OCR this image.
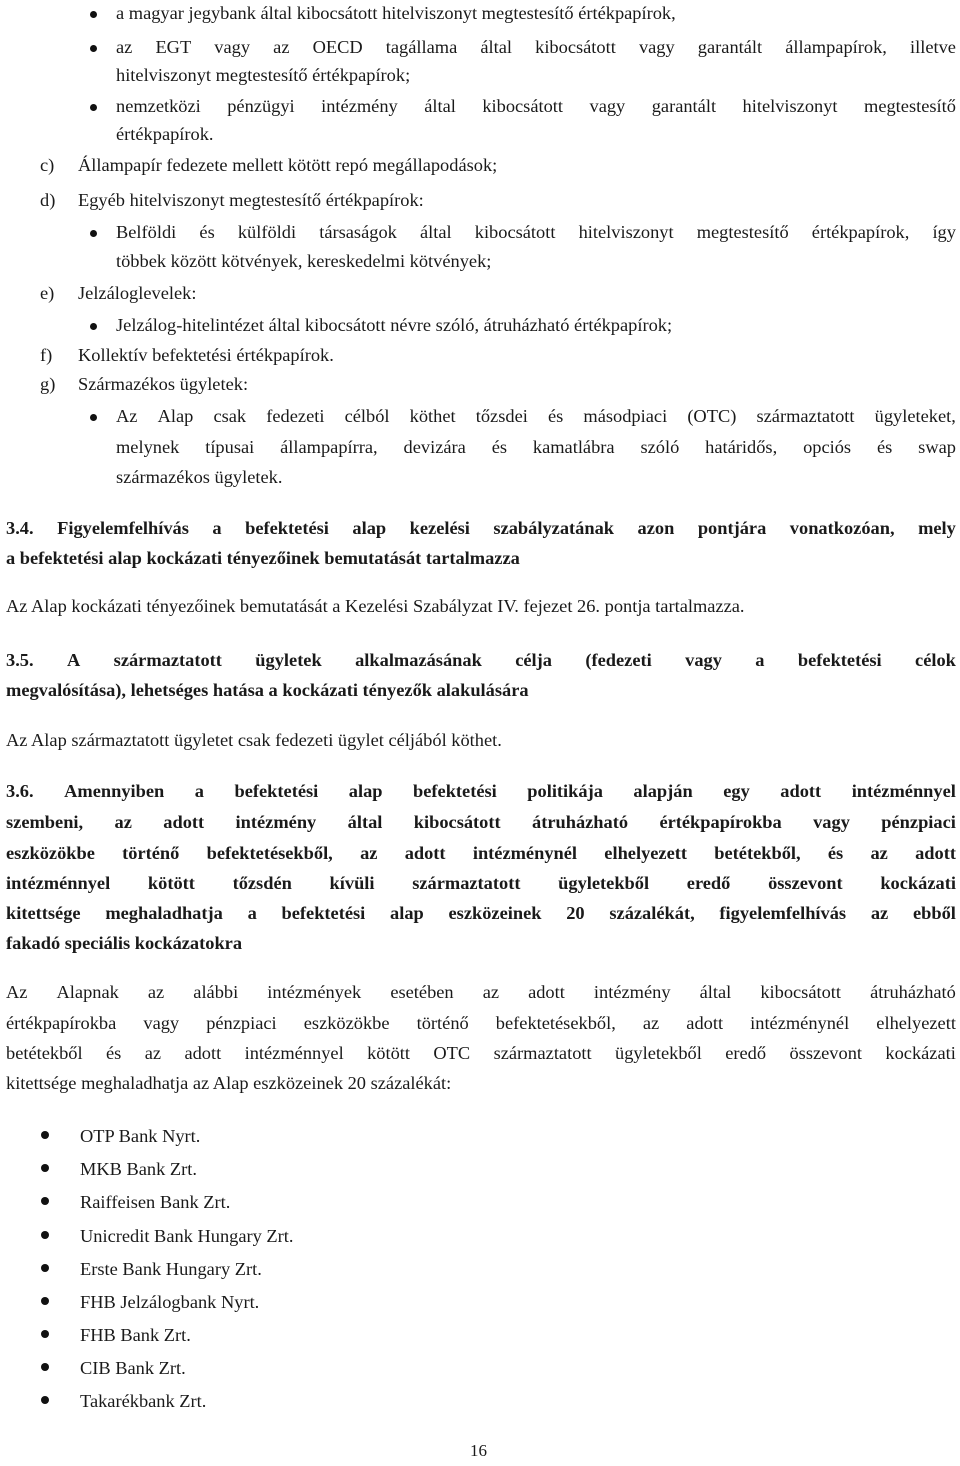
a magyar jegybank által kibocsátott hitelviszonyt megtestesítő értékpapírok,
az EGT vagy az OECD tagállama által kibocsátott vagy garantált állampapírok, illetve
hitelviszonyt megtestesítő értékpapírok;
nemzetközi pénzügyi intézmény által kibocsátott vagy garantált hitelviszonyt megtestesítő
értékpapírok.
c) Állampapír fedezete mellett kötött repó megállapodások;
d) Egyéb hitelviszonyt megtestesítő értékpapírok:
Belföldi és külföldi társaságok által kibocsátott hitelviszonyt megtestesítő értékpapírok, így
többek között kötvények, kereskedelmi kötvények;
e) Jelzáloglevelek:
Jelzálog-hitelintézet által kibocsátott névre szóló, átruházható értékpapírok;
f) Kollektív befektetési értékpapírok.
g) Származékos ügyletek:
Az Alap csak fedezeti célból köthet tőzsdei és másodpiaci (OTC) származtatott ügyleteket,
melynek típusai állampapírra, devizára és kamatlábra szóló határidős, opciós és swap
származékos ügyletek.
3.4. Figyelemfelhívás a befektetési alap kezelési szabályzatának azon pontjára vonatkozóan, mely
a befektetési alap kockázati tényezőinek bemutatását tartalmazza
Az Alap kockázati tényezőinek bemutatását a Kezelési Szabályzat IV. fejezet 26. pontja tartalmazza.
3.5. A származtatott ügyletek alkalmazásának célja (fedezeti vagy a befektetési célok
megvalósítása), lehetséges hatása a kockázati tényezők alakulására
Az Alap származtatott ügyletet csak fedezeti ügylet céljából köthet.
3.6. Amennyiben a befektetési alap befektetési politikája alapján egy adott intézménnyel
szembeni, az adott intézmény által kibocsátott átruházható értékpapírokba vagy pénzpiaci
eszközökbe történő befektetésekből, az adott intézménynél elhelyezett betétekből, és az adott
intézménnyel kötött tőzsdén kívüli származtatott ügyletekből eredő összevont kockázati
kitettsége meghaladhatja a befektetési alap eszközeinek 20 százalékát, figyelemfelhívás az ebből
fakadó speciális kockázatokra
Az Alapnak az alábbi intézmények esetében az adott intézmény által kibocsátott átruházható
értékpapírokba vagy pénzpiaci eszközökbe történő befektetésekből, az adott intézménynél elhelyezett
betétekből és az adott intézménnyel kötött OTC származtatott ügyletekből eredő összevont kockázati
kitettsége meghaladhatja az Alap eszközeinek 20 százalékát:
OTP Bank Nyrt.
MKB Bank Zrt.
Raiffeisen Bank Zrt.
Unicredit Bank Hungary Zrt.
Erste Bank Hungary Zrt.
FHB Jelzálogbank Nyrt.
FHB Bank Zrt.
CIB Bank Zrt.
Takarékbank Zrt.
16
